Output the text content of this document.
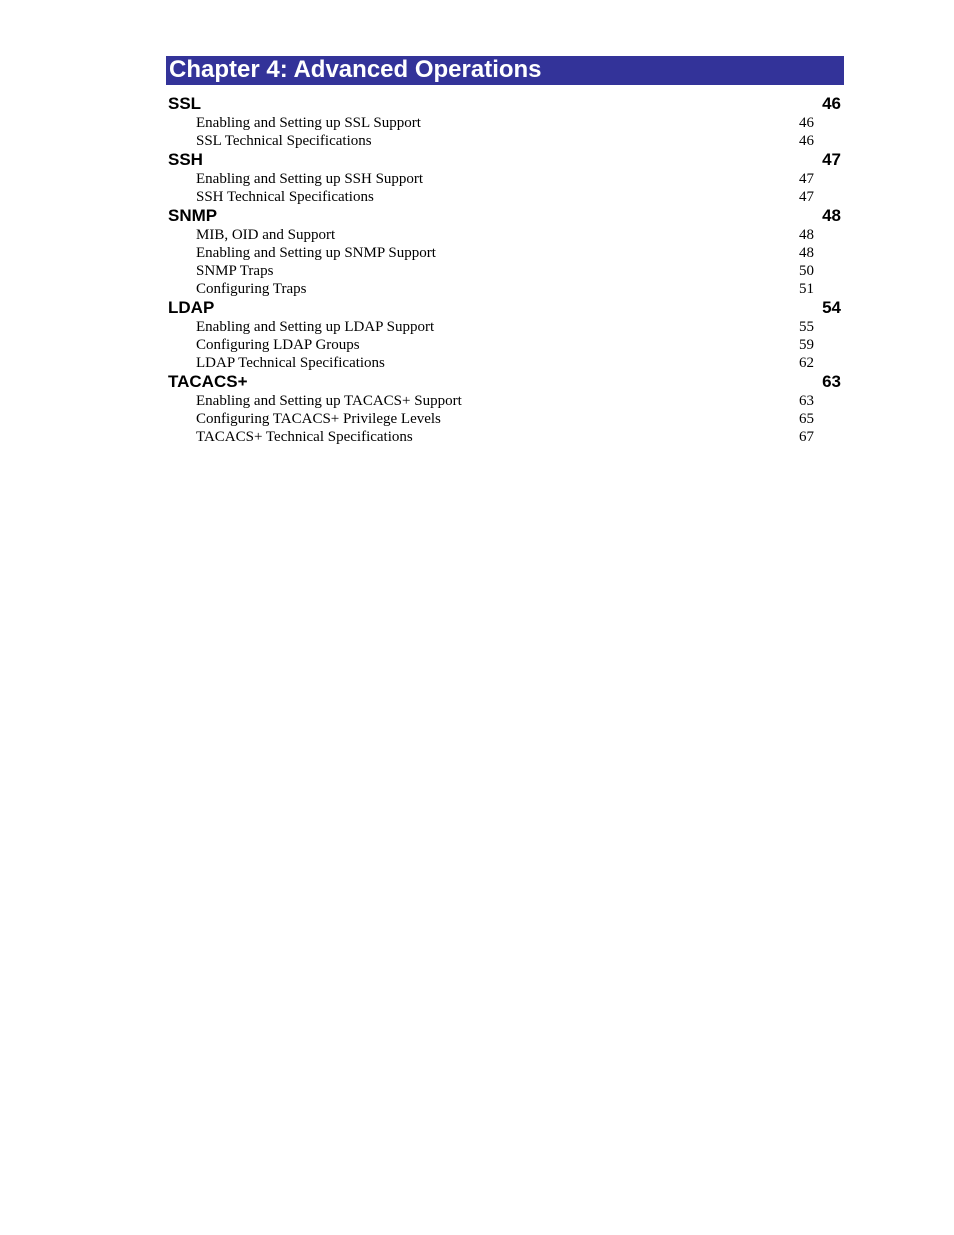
Chapter 4: Advanced Operations
SSL	46
Enabling and Setting up SSL Support	46
SSL Technical Specifications	46
SSH	47
Enabling and Setting up SSH Support	47
SSH Technical Specifications	47
SNMP	48
MIB, OID and Support	48
Enabling and Setting up SNMP Support	48
SNMP Traps	50
Configuring Traps	51
LDAP	54
Enabling and Setting up LDAP Support	55
Configuring LDAP Groups	59
LDAP Technical Specifications	62
TACACS+	63
Enabling and Setting up TACACS+ Support	63
Configuring TACACS+ Privilege Levels	65
TACACS+ Technical Specifications	67
